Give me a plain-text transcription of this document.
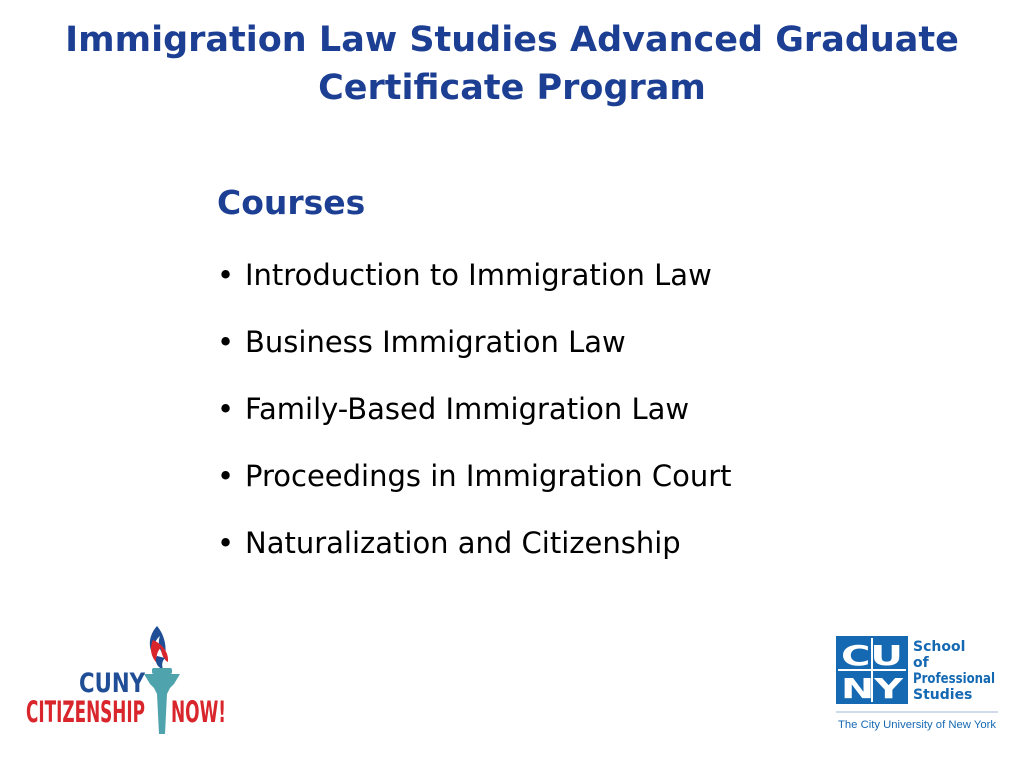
Immigration Law Studies Advanced Graduate
Certificate Program
Courses
• Introduction to Immigration Law
• Business Immigration Law
• Family-Based Immigration Law
• Proceedings in Immigration Court
• Naturalization and Citizenship
CUNY
CITIZENSHIP NOW!
CU
NY
School
of
Professional
Studies
The City University of New York
